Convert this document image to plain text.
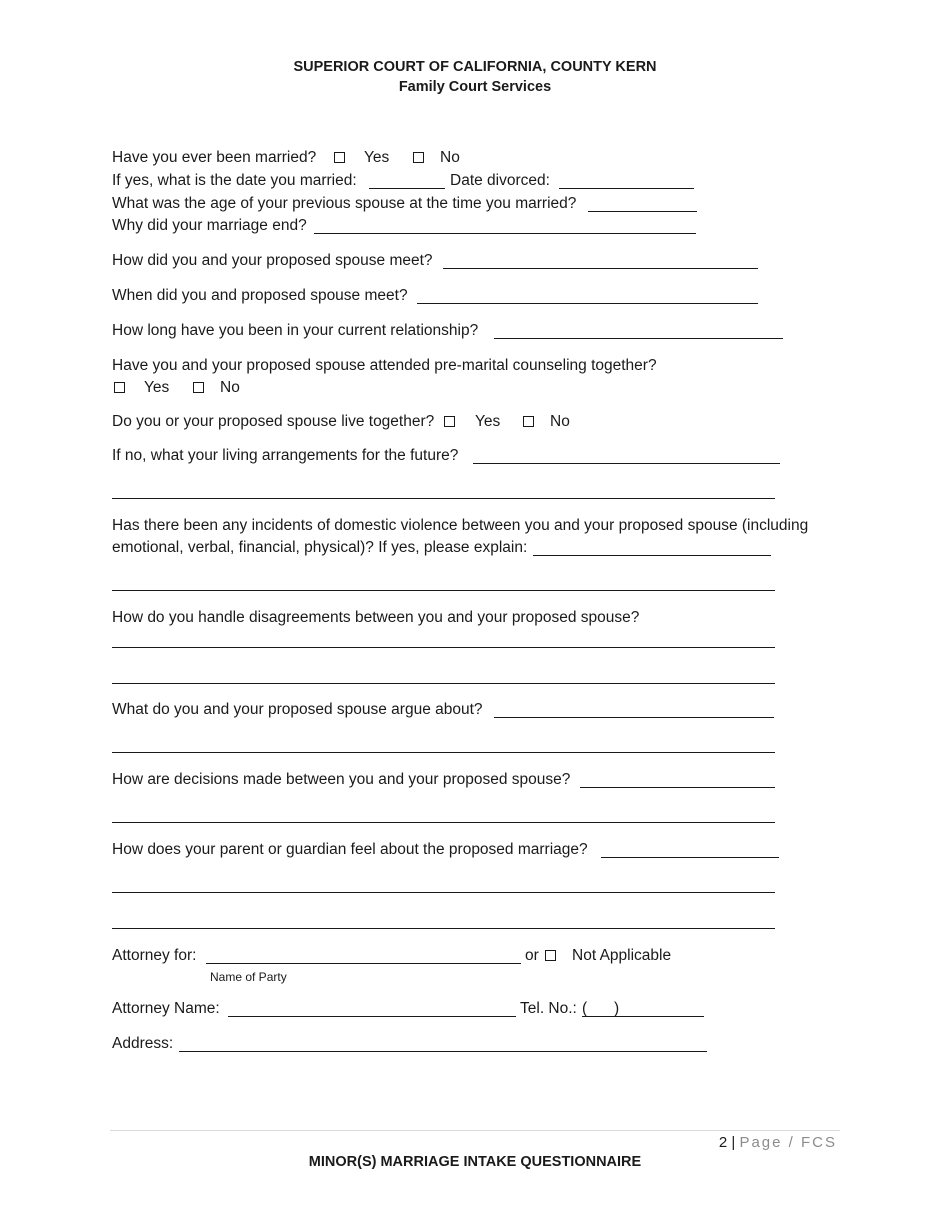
SUPERIOR COURT OF CALIFORNIA, COUNTY KERN
Family Court Services
Have you ever been married?	Yes	No
If yes, what is the date you married:	Date divorced:
What was the age of your previous spouse at the time you married?
Why did your marriage end?
How did you and your proposed spouse meet?
When did you and proposed spouse meet?
How long have you been in your current relationship?
Have you and your proposed spouse attended pre-marital counseling together?
Yes	No
Do you or your proposed spouse live together?	Yes	No
If no, what your living arrangements for the future?
Has there been any incidents of domestic violence between you and your proposed spouse (including
emotional, verbal, financial, physical)? If yes, please explain:
How do you handle disagreements between you and your proposed spouse?
What do you and your proposed spouse argue about?
How are decisions made between you and your proposed spouse?
How does your parent or guardian feel about the proposed marriage?
Attorney for:	or Not Applicable
Name of Party
Attorney Name:	Tel. No.: ( )
Address:
2 | Page / FCS
MINOR(S) MARRIAGE INTAKE QUESTIONNAIRE
